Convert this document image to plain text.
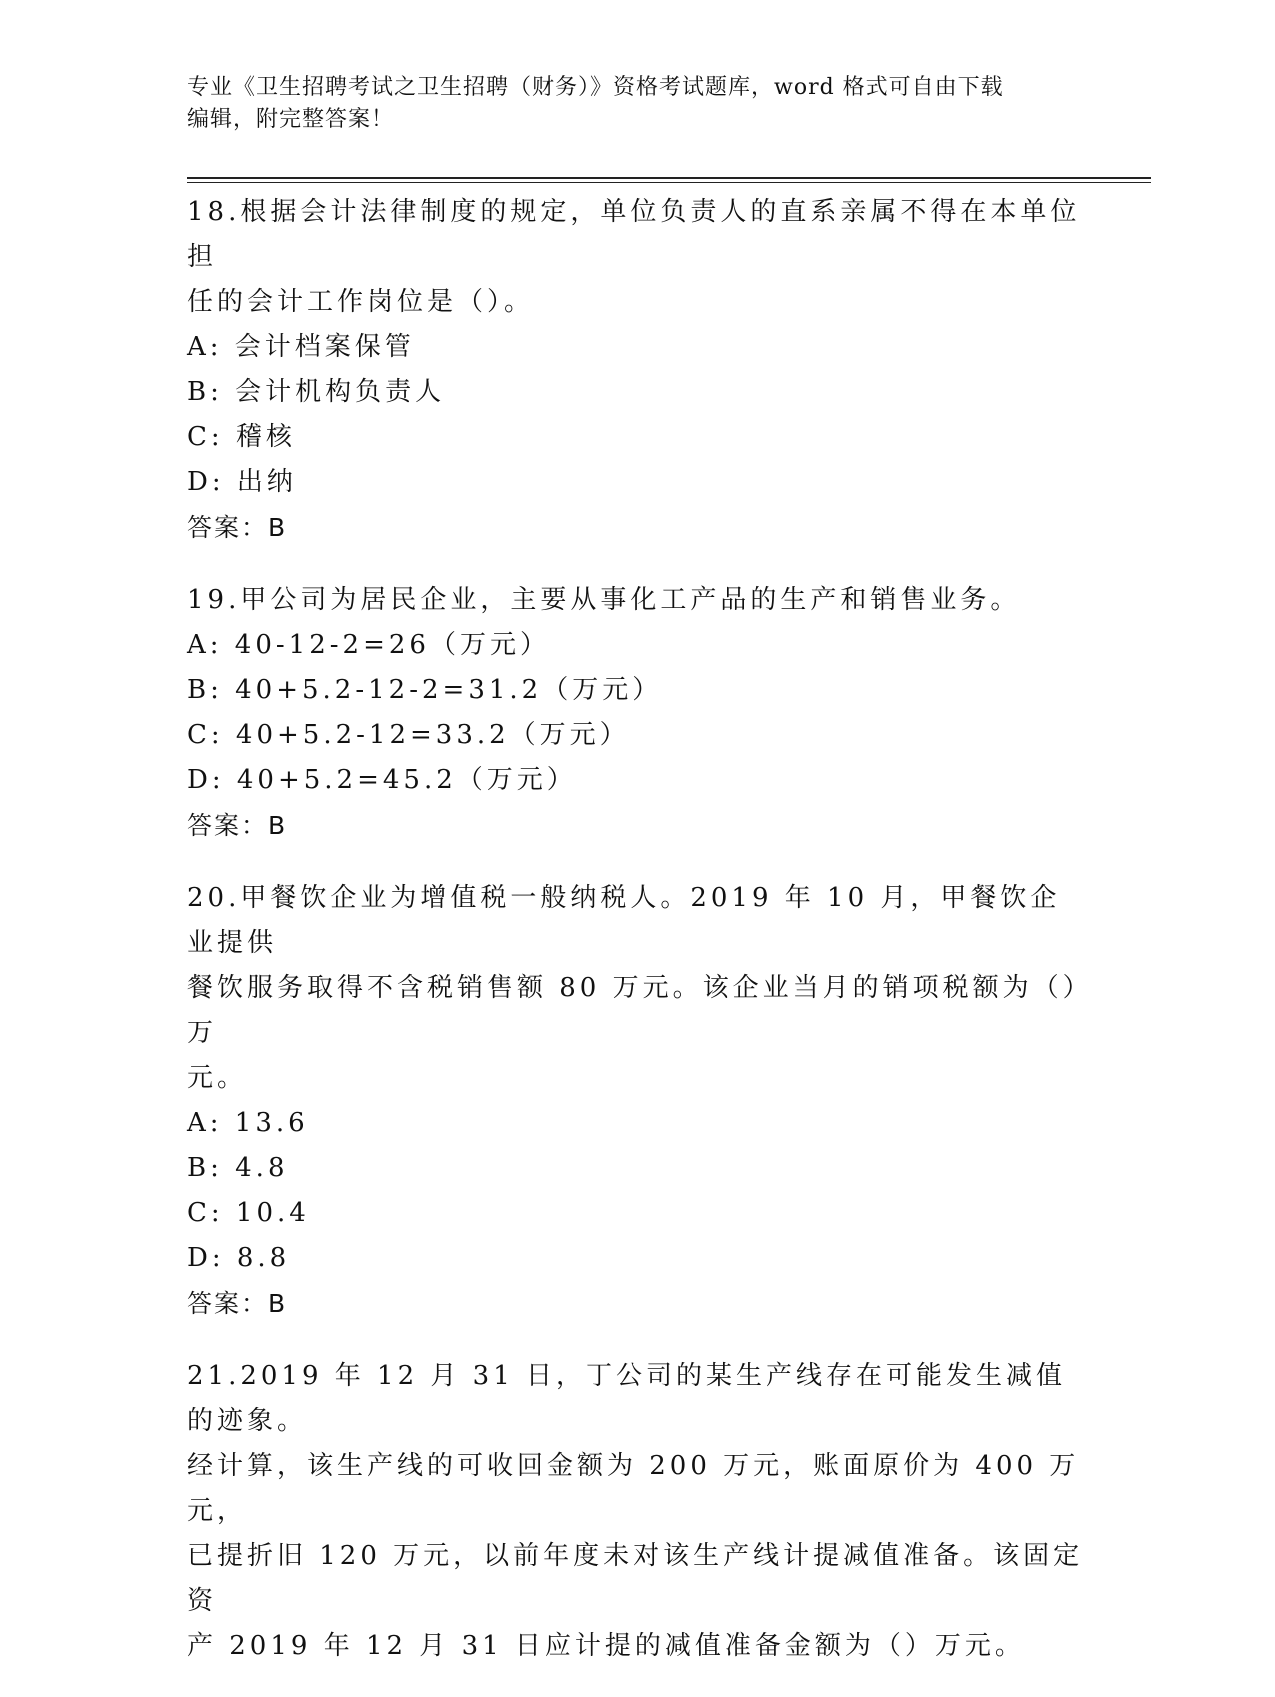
专业《卫生招聘考试之卫生招聘（财务）》资格考试题库，word 格式可自由下载
编辑，附完整答案！
18.根据会计法律制度的规定，单位负责人的直系亲属不得在本单位担
任的会计工作岗位是（）。
A: 会计档案保管
B: 会计机构负责人
C: 稽核
D: 出纳
答案：B
19.甲公司为居民企业，主要从事化工产品的生产和销售业务。
A: 40-12-2=26（万元）
B: 40+5.2-12-2=31.2（万元）
C: 40+5.2-12=33.2（万元）
D: 40+5.2=45.2（万元）
答案：B
20.甲餐饮企业为增值税一般纳税人。2019 年 10 月，甲餐饮企业提供
餐饮服务取得不含税销售额 80 万元。该企业当月的销项税额为（）万
元。
A: 13.6
B: 4.8
C: 10.4
D: 8.8
答案：B
21.2019 年 12 月 31 日，丁公司的某生产线存在可能发生减值的迹象。
经计算，该生产线的可收回金额为 200 万元，账面原价为 400 万元，
已提折旧 120 万元，以前年度未对该生产线计提减值准备。该固定资
产 2019 年 12 月 31 日应计提的减值准备金额为（）万元。
